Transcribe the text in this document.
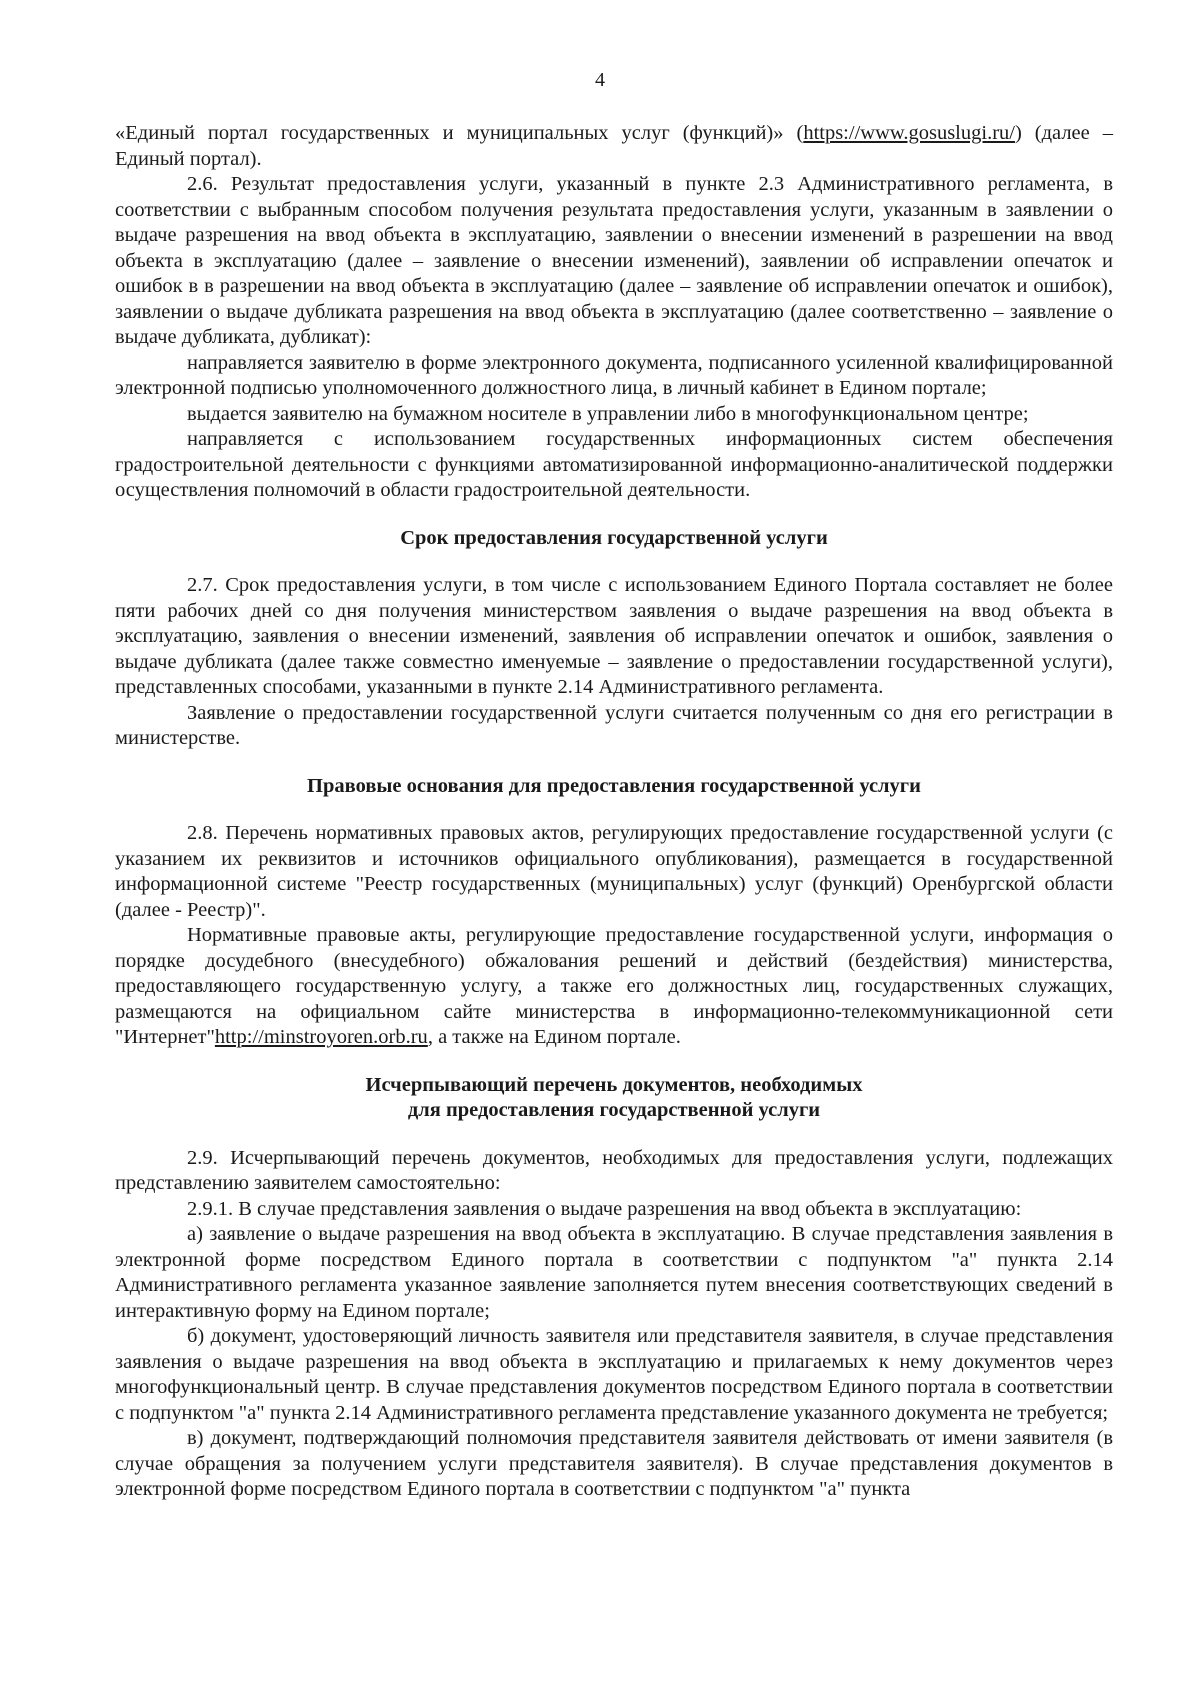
4

«Единый портал государственных и муниципальных услуг (функций)» (https://www.gosuslugi.ru/) (далее – Единый портал).

2.6. Результат предоставления услуги, указанный в пункте 2.3 Административного регламента, в соответствии с выбранным способом получения результата предоставления услуги, указанным в заявлении о выдаче разрешения на ввод объекта в эксплуатацию, заявлении о внесении изменений в разрешении на ввод объекта в эксплуатацию (далее – заявление о внесении изменений), заявлении об исправлении опечаток и ошибок в в разрешении на ввод объекта в эксплуатацию (далее – заявление об исправлении опечаток и ошибок), заявлении о выдаче дубликата разрешения на ввод объекта в эксплуатацию (далее соответственно – заявление о выдаче дубликата, дубликат):

направляется заявителю в форме электронного документа, подписанного усиленной квалифицированной электронной подписью уполномоченного должностного лица, в личный кабинет в Едином портале;

выдается заявителю на бумажном носителе в управлении либо в многофункциональном центре;

направляется с использованием государственных информационных систем обеспечения градостроительной деятельности с функциями автоматизированной информационно-аналитической поддержки осуществления полномочий в области градостроительной деятельности.

Срок предоставления государственной услуги

2.7. Срок предоставления услуги, в том числе с использованием Единого Портала составляет не более пяти рабочих дней со дня получения министерством заявления о выдаче разрешения на ввод объекта в эксплуатацию, заявления о внесении изменений, заявления об исправлении опечаток и ошибок, заявления о выдаче дубликата (далее также совместно именуемые – заявление о предоставлении государственной услуги), представленных способами, указанными в пункте 2.14 Административного регламента.

Заявление о предоставлении государственной услуги считается полученным со дня его регистрации в министерстве.

Правовые основания для предоставления государственной услуги

2.8. Перечень нормативных правовых актов, регулирующих предоставление государственной услуги (с указанием их реквизитов и источников официального опубликования), размещается в государственной информационной системе "Реестр государственных (муниципальных) услуг (функций) Оренбургской области (далее - Реестр)".

Нормативные правовые акты, регулирующие предоставление государственной услуги, информация о порядке досудебного (внесудебного) обжалования решений и действий (бездействия) министерства, предоставляющего государственную услугу, а также его должностных лиц, государственных служащих, размещаются на официальном сайте министерства в информационно-телекоммуникационной сети "Интернет"http://minstroyoren.orb.ru, а также на Едином портале.

Исчерпывающий перечень документов, необходимых
для предоставления государственной услуги

2.9. Исчерпывающий перечень документов, необходимых для предоставления услуги, подлежащих представлению заявителем самостоятельно:

2.9.1. В случае представления заявления о выдаче разрешения на ввод объекта в эксплуатацию:

а) заявление о выдаче разрешения на ввод объекта в эксплуатацию. В случае представления заявления в электронной форме посредством Единого портала в соответствии с подпунктом "а" пункта 2.14 Административного регламента указанное заявление заполняется путем внесения соответствующих сведений в интерактивную форму на Едином портале;

б) документ, удостоверяющий личность заявителя или представителя заявителя, в случае представления заявления о выдаче разрешения на ввод объекта в эксплуатацию и прилагаемых к нему документов через многофункциональный центр. В случае представления документов посредством Единого портала в соответствии с подпунктом "а" пункта 2.14 Административного регламента представление указанного документа не требуется;

в) документ, подтверждающий полномочия представителя заявителя действовать от имени заявителя (в случае обращения за получением услуги представителя заявителя). В случае представления документов в электронной форме посредством Единого портала в соответствии с подпунктом "а" пункта
